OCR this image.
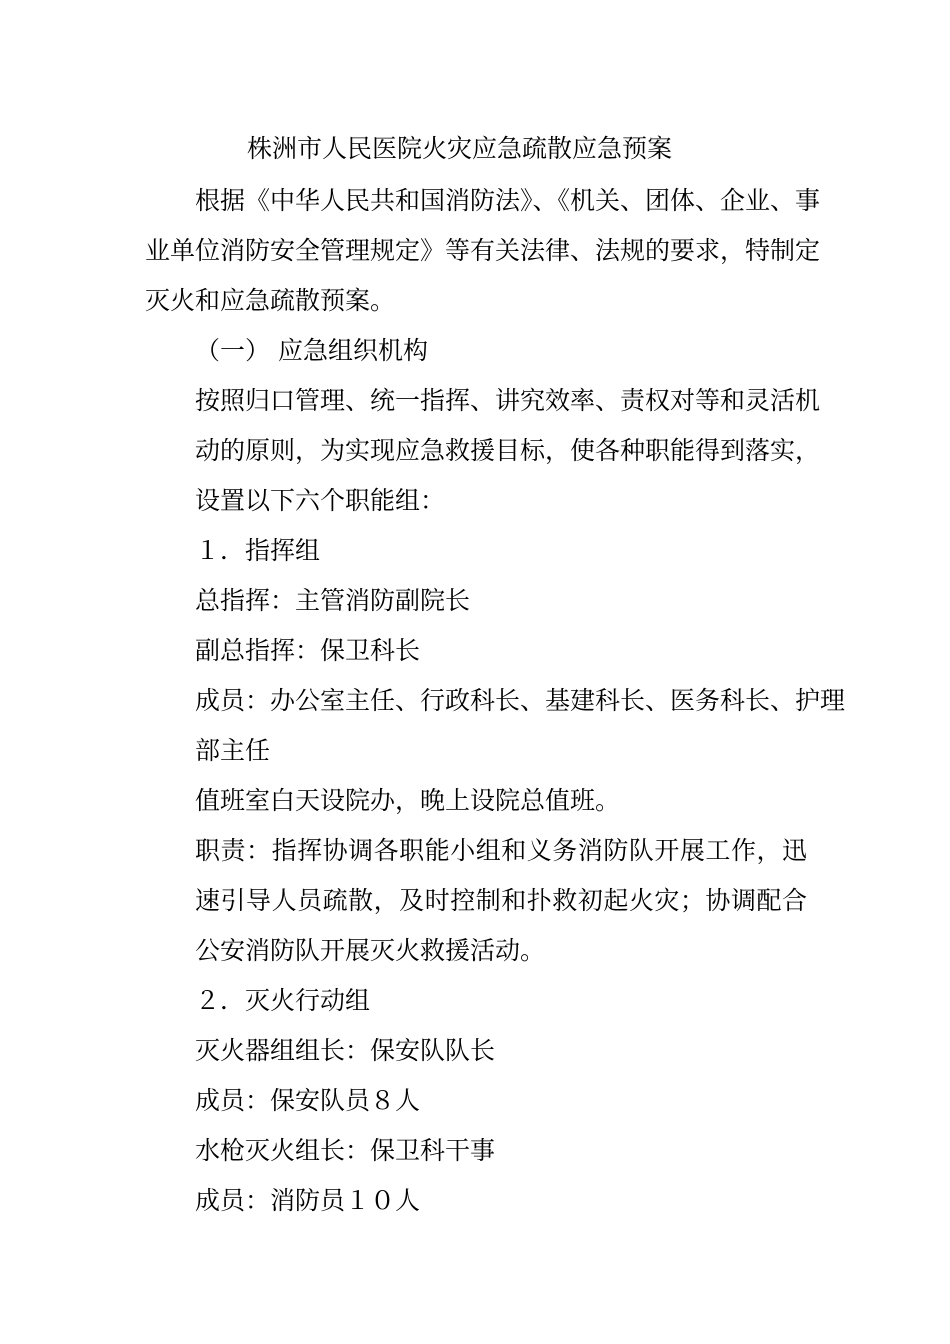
株洲市人民医院火灾应急疏散应急预案
根据《中华人民共和国消防法》、《机关、团体、企业、事
业单位消防安全管理规定》等有关法律、法规的要求，特制定
灭火和应急疏散预案。
（一） 应急组织机构
按照归口管理、统一指挥、讲究效率、责权对等和灵活机
动的原则，为实现应急救援目标，使各种职能得到落实，
设置以下六个职能组：
１．指挥组
总指挥：主管消防副院长
副总指挥：保卫科长
成员：办公室主任、行政科长、基建科长、医务科长、护理
部主任
值班室白天设院办，晚上设院总值班。
职责：指挥协调各职能小组和义务消防队开展工作，迅
速引导人员疏散，及时控制和扑救初起火灾；协调配合
公安消防队开展灭火救援活动。
２．灭火行动组
灭火器组组长：保安队队长
成员：保安队员８人
水枪灭火组长：保卫科干事
成员：消防员１０人
